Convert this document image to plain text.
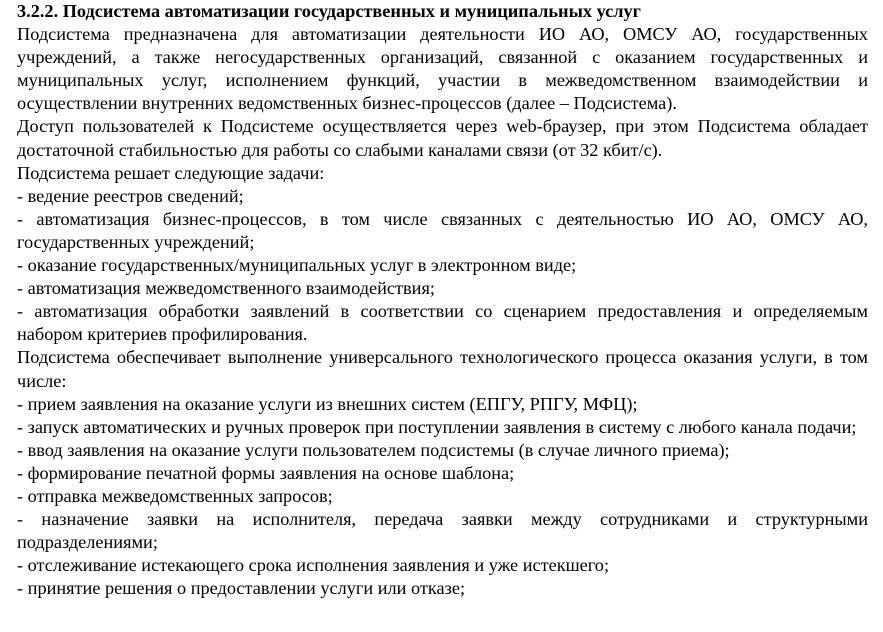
3.2.2. Подсистема автоматизации государственных и муниципальных услуг

Подсистема предназначена для автоматизации деятельности ИО АО, ОМСУ АО, государственных учреждений, а также негосударственных организаций, связанной с оказанием государственных и муниципальных услуг, исполнением функций, участии в межведомственном взаимодействии и осуществлении внутренних ведомственных бизнес-процессов (далее – Подсистема).

Доступ пользователей к Подсистеме осуществляется через web-браузер, при этом Подсистема обладает достаточной стабильностью для работы со слабыми каналами связи (от 32 кбит/с).

Подсистема решает следующие задачи:

- ведение реестров сведений;

- автоматизация бизнес-процессов, в том числе связанных с деятельностью ИО АО, ОМСУ АО, государственных учреждений;

- оказание государственных/муниципальных услуг в электронном виде;

- автоматизация межведомственного взаимодействия;

- автоматизация обработки заявлений в соответствии со сценарием предоставления и определяемым набором критериев профилирования.

Подсистема обеспечивает выполнение универсального технологического процесса оказания услуги, в том числе:

- прием заявления на оказание услуги из внешних систем (ЕПГУ, РПГУ, МФЦ);

- запуск автоматических и ручных проверок при поступлении заявления в систему с любого канала подачи;

- ввод заявления на оказание услуги пользователем подсистемы (в случае личного приема);

- формирование печатной формы заявления на основе шаблона;

- отправка межведомственных запросов;

- назначение заявки на исполнителя, передача заявки между сотрудниками и структурными подразделениями;

- отслеживание истекающего срока исполнения заявления и уже истекшего;

- принятие решения о предоставлении услуги или отказе;
